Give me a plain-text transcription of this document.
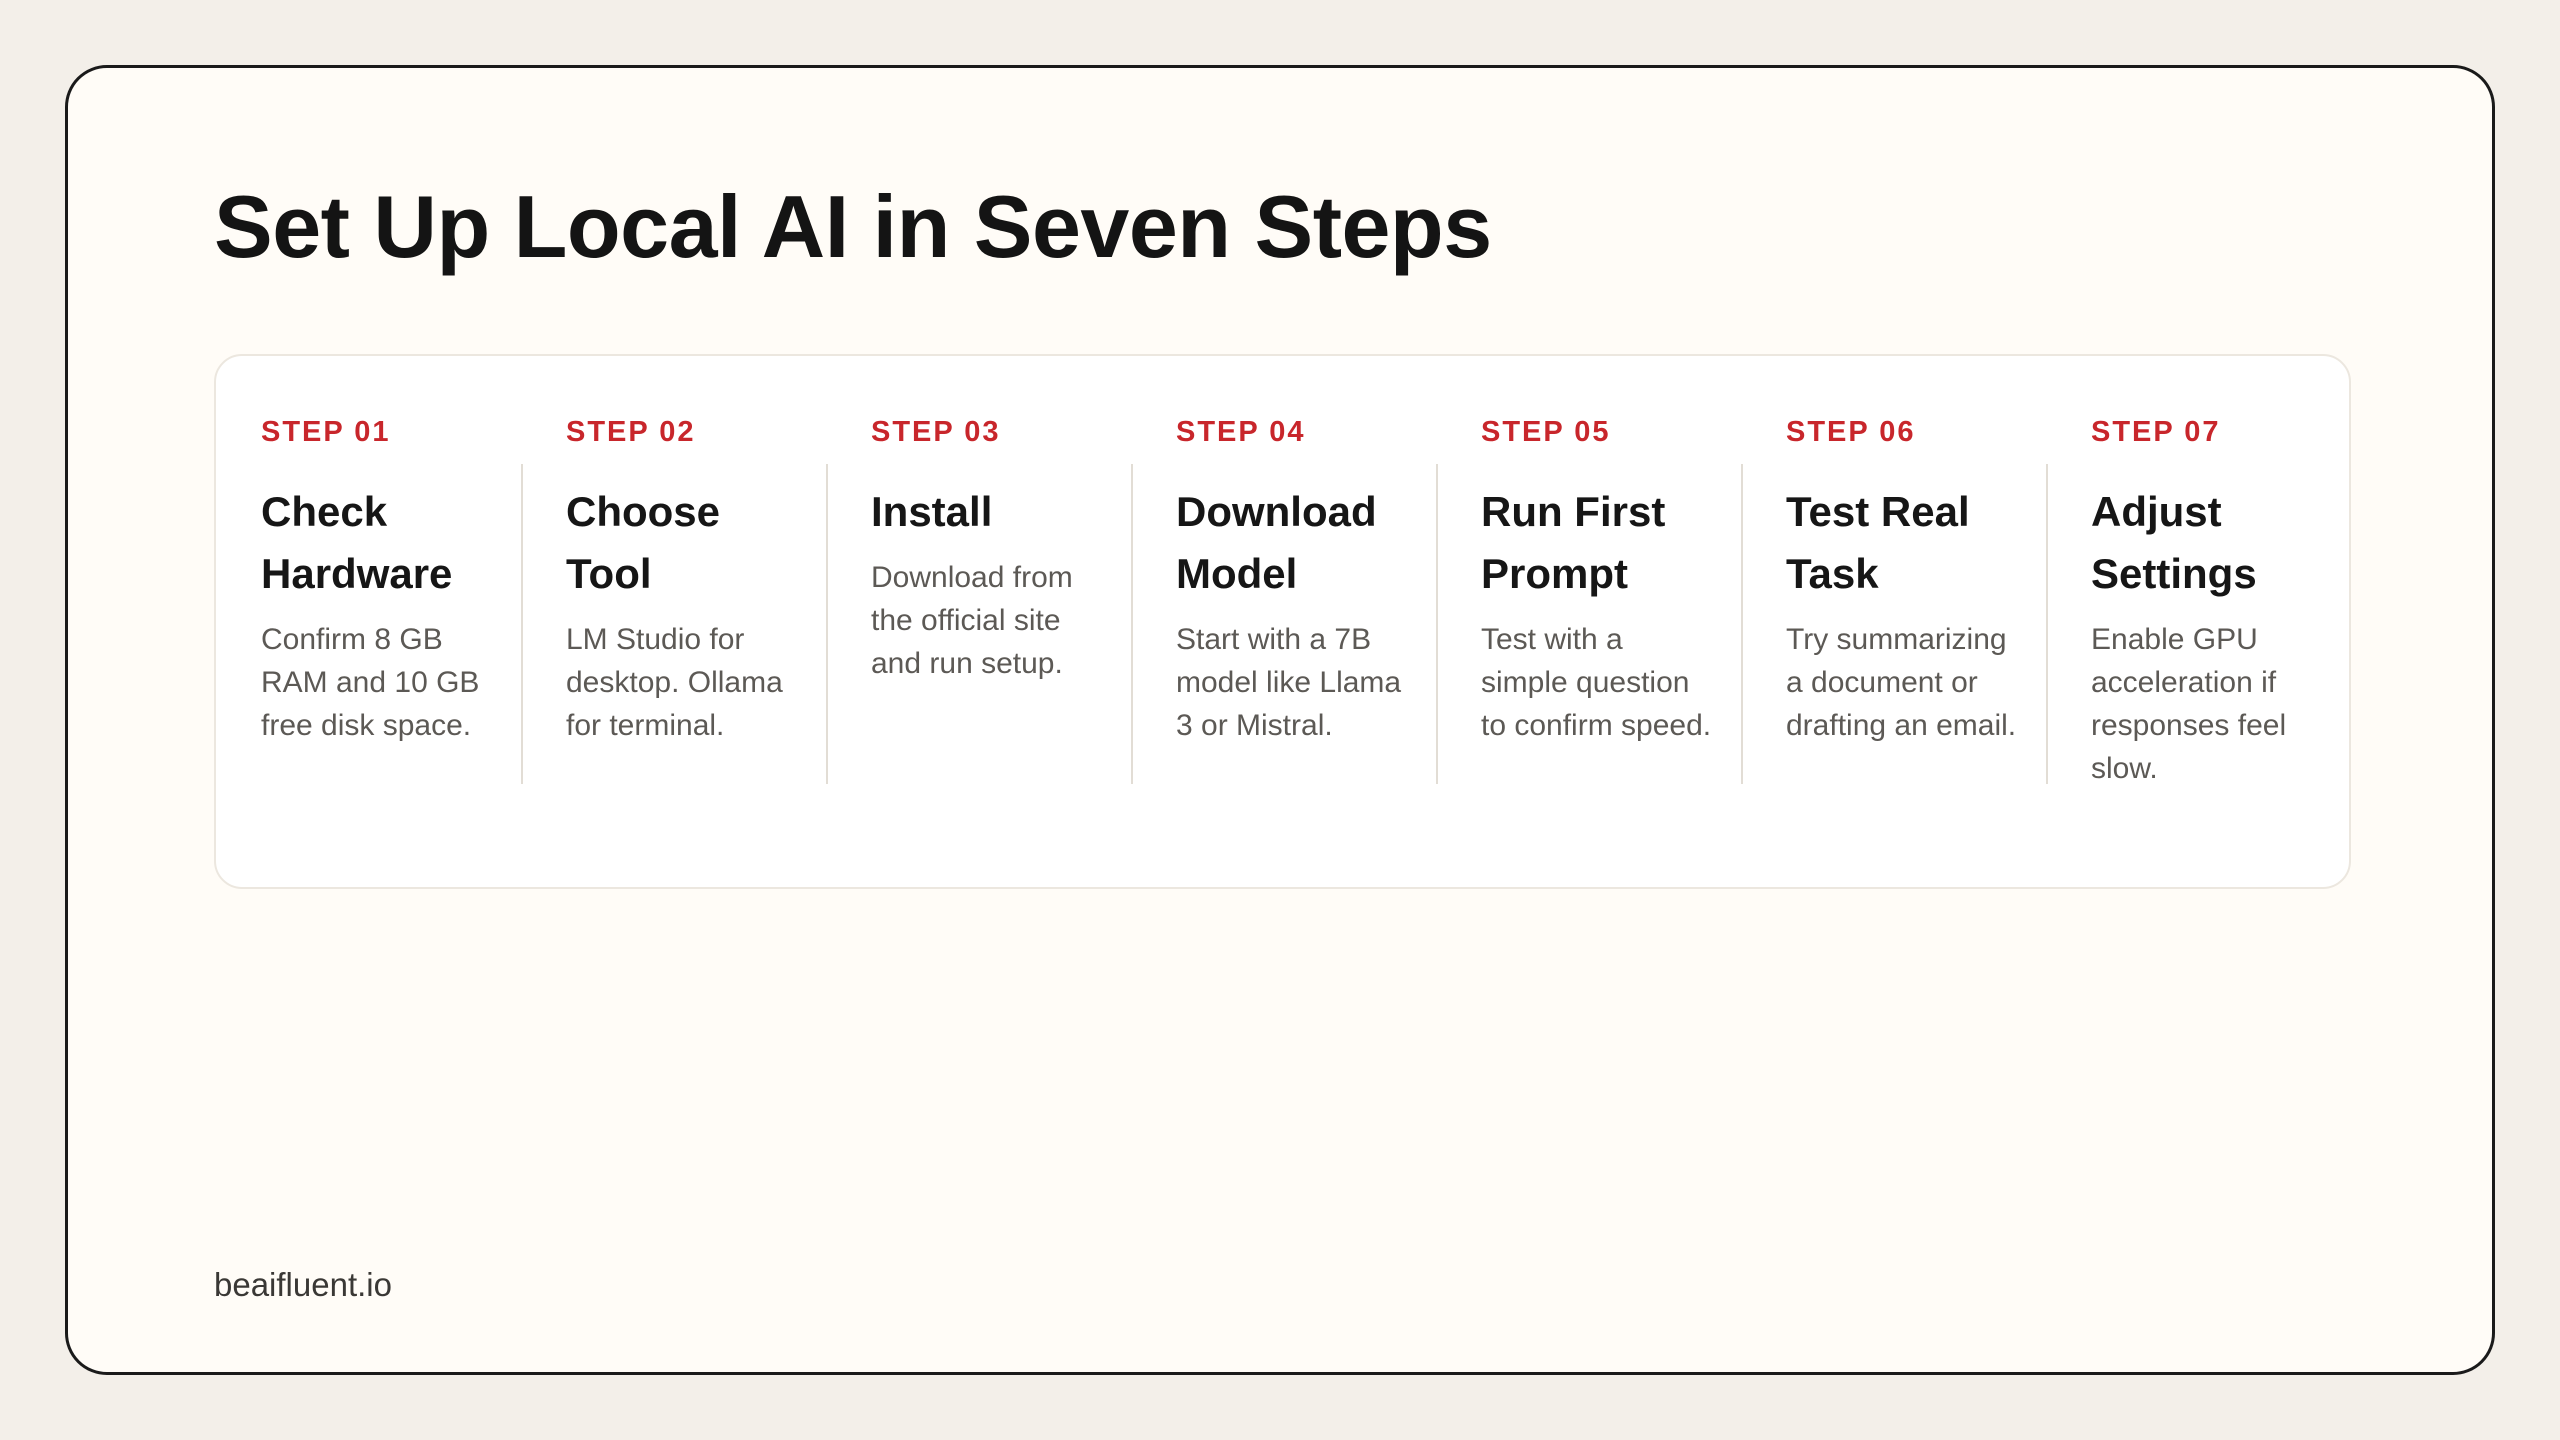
Set Up Local AI in Seven Steps
STEP 01
Check Hardware
Confirm 8 GB RAM and 10 GB free disk space.
STEP 02
Choose Tool
LM Studio for desktop. Ollama for terminal.
STEP 03
Install
Download from the official site and run setup.
STEP 04
Download Model
Start with a 7B model like Llama 3 or Mistral.
STEP 05
Run First Prompt
Test with a simple question to confirm speed.
STEP 06
Test Real Task
Try summarizing a document or drafting an email.
STEP 07
Adjust Settings
Enable GPU acceleration if responses feel slow.
beaifluent.io
